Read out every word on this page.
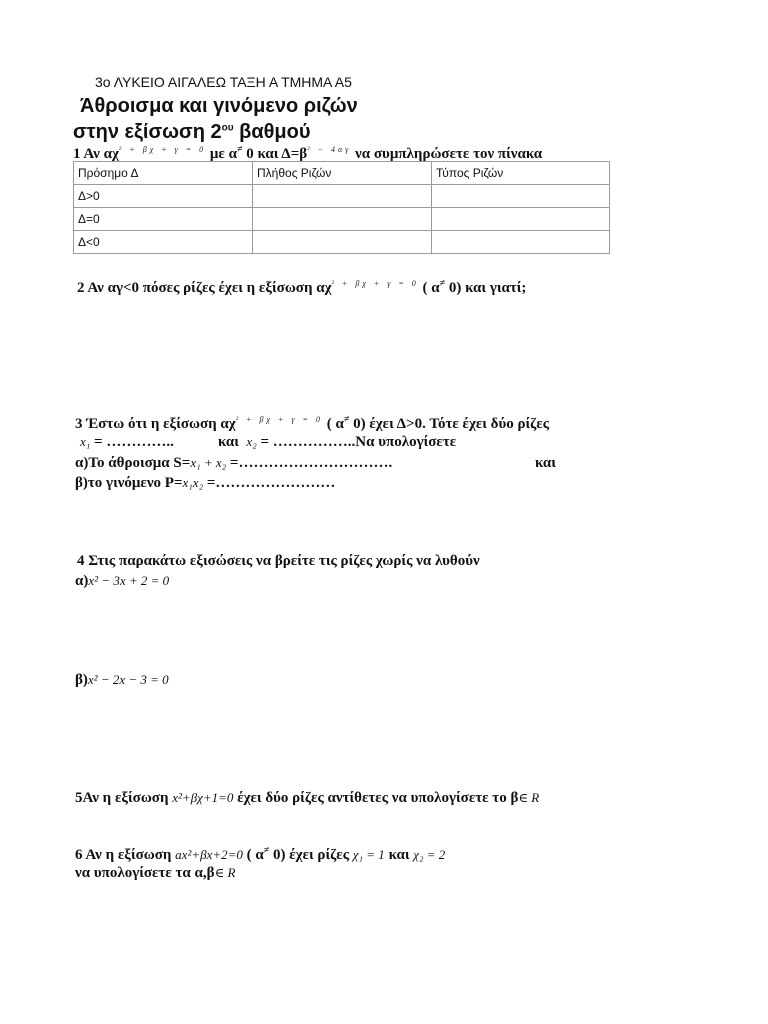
3ο ΛΥΚΕΙΟ ΑΙΓΑΛΕΩ ΤΑΞΗ Α ΤΜΗΜΑ Α5
Άθροισμα και γινόμενο ριζών
στην εξίσωση $2^{o\upsilon}$ βαθμού
1 Αν $\alpha\chi^{^2 + \beta\chi + \gamma = 0}$ με α≠ 0 και $\Delta=\beta^{^2 - 4\alpha\gamma}$ να συμπληρώσετε τον πίνακα
Πρόσημο Δ	Πλήθος Ριζών	Τύπος Ριζών
Δ>0		
Δ=0		
Δ<0		
2 Αν αγ<0 πόσες ρίζες έχει η εξίσωση $\alpha\chi^{^2 + \beta\chi + \gamma = 0}$ ( α≠ 0) και γιατί;
3 Έστω ότι η εξίσωση $\alpha\chi^{^2 + \beta\chi + \gamma = 0}$ ( α≠ 0) έχει Δ>0. Τότε έχει δύο ρίζες
x₁ = …………..	και x₂ = ……………..Να υπολογίσετε
α)Το άθροισμα S=x₁ + x₂ =………………………….	και
β)το γινόμενο P=x₁x₂ =……………………
4 Στις παρακάτω εξισώσεις να βρείτε τις ρίζες χωρίς να λυθούν
α)x² − 3x + 2 = 0
β)x² − 2x − 3 = 0
5Αν η εξίσωση x²+βχ+1=0 έχει δύο ρίζες αντίθετες να υπολογίσετε το β∈ R
6 Αν η εξίσωση ax²+βx+2=0 ( α≠ 0) έχει ρίζες χ₁ = 1 και χ₂ = 2
να υπολογίσετε τα α,β∈ R
